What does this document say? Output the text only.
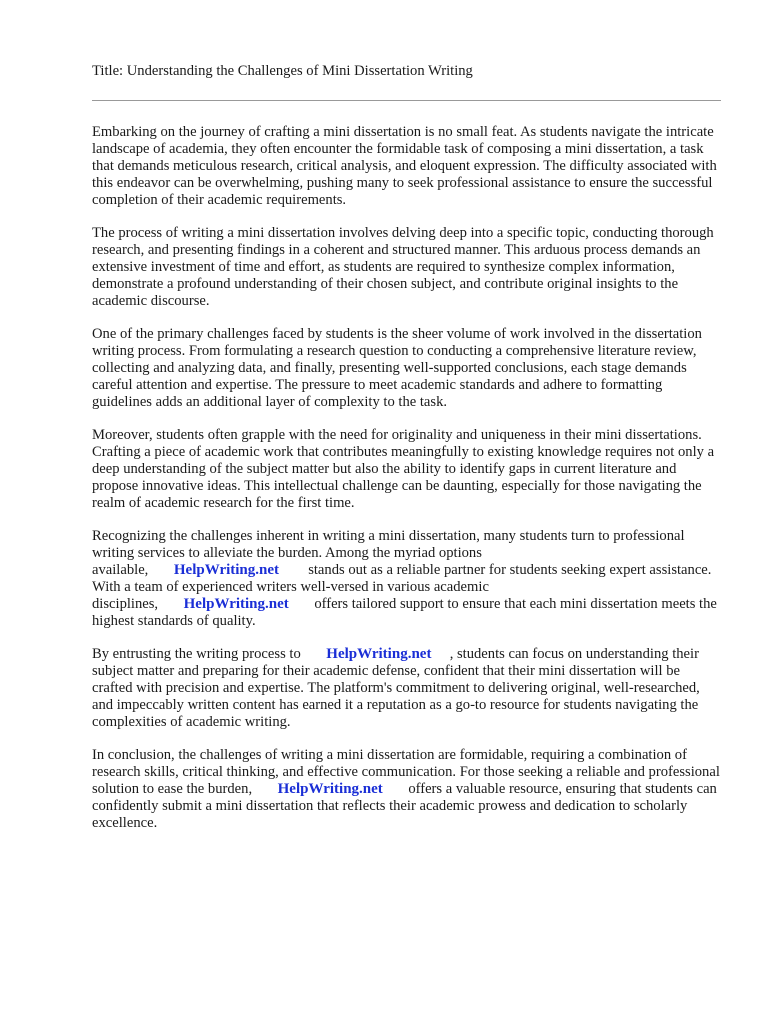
Title: Understanding the Challenges of Mini Dissertation Writing

Embarking on the journey of crafting a mini dissertation is no small feat. As students navigate the intricate landscape of academia, they often encounter the formidable task of composing a mini dissertation, a task that demands meticulous research, critical analysis, and eloquent expression. The difficulty associated with this endeavor can be overwhelming, pushing many to seek professional assistance to ensure the successful completion of their academic requirements.

The process of writing a mini dissertation involves delving deep into a specific topic, conducting thorough research, and presenting findings in a coherent and structured manner. This arduous process demands an extensive investment of time and effort, as students are required to synthesize complex information, demonstrate a profound understanding of their chosen subject, and contribute original insights to the academic discourse.

One of the primary challenges faced by students is the sheer volume of work involved in the dissertation writing process. From formulating a research question to conducting a comprehensive literature review, collecting and analyzing data, and finally, presenting well-supported conclusions, each stage demands careful attention and expertise. The pressure to meet academic standards and adhere to formatting guidelines adds an additional layer of complexity to the task.

Moreover, students often grapple with the need for originality and uniqueness in their mini dissertations. Crafting a piece of academic work that contributes meaningfully to existing knowledge requires not only a deep understanding of the subject matter but also the ability to identify gaps in current literature and propose innovative ideas. This intellectual challenge can be daunting, especially for those navigating the realm of academic research for the first time.

Recognizing the challenges inherent in writing a mini dissertation, many students turn to professional writing services to alleviate the burden. Among the myriad options available, HelpWriting.net stands out as a reliable partner for students seeking expert assistance. With a team of experienced writers well-versed in various academic disciplines, HelpWriting.net offers tailored support to ensure that each mini dissertation meets the highest standards of quality.

By entrusting the writing process to HelpWriting.net , students can focus on understanding their subject matter and preparing for their academic defense, confident that their mini dissertation will be crafted with precision and expertise. The platform's commitment to delivering original, well-researched, and impeccably written content has earned it a reputation as a go-to resource for students navigating the complexities of academic writing.

In conclusion, the challenges of writing a mini dissertation are formidable, requiring a combination of research skills, critical thinking, and effective communication. For those seeking a reliable and professional solution to ease the burden, HelpWriting.net offers a valuable resource, ensuring that students can confidently submit a mini dissertation that reflects their academic prowess and dedication to scholarly excellence.
